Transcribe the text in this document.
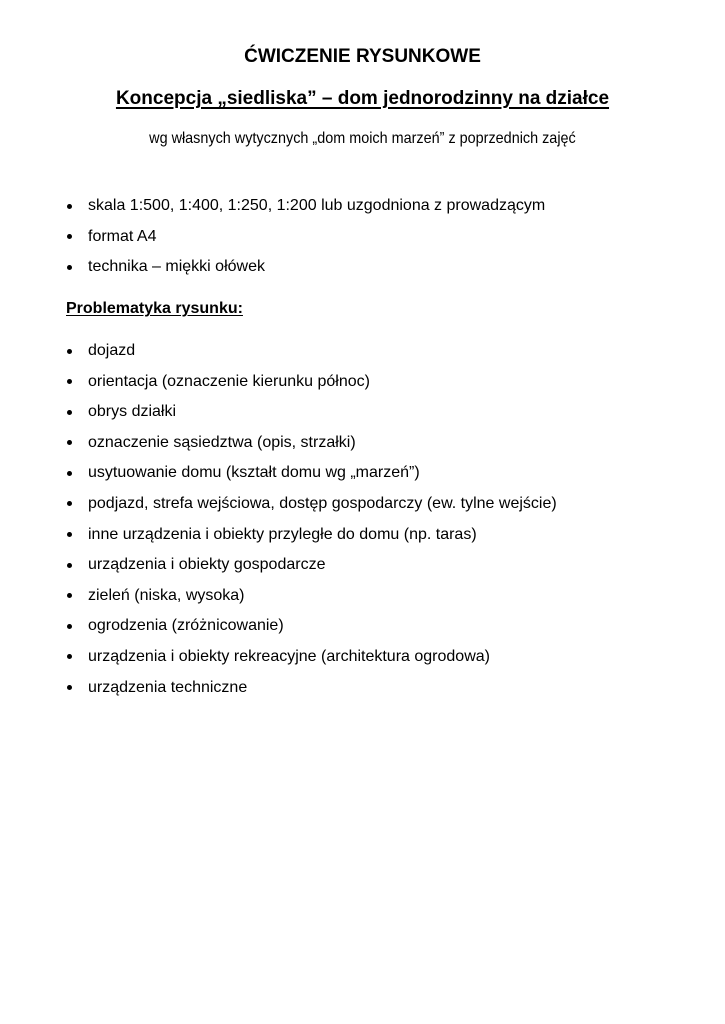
ĆWICZENIE RYSUNKOWE
Koncepcja „siedliska” – dom jednorodzinny na działce

wg własnych wytycznych „dom moich marzeń” z poprzednich zajęć

skala 1:500, 1:400, 1:250, 1:200 lub uzgodniona z prowadzącym
format A4
technika – miękki ołówek

Problematyka rysunku:

dojazd
orientacja (oznaczenie kierunku północ)
obrys działki
oznaczenie sąsiedztwa (opis, strzałki)
usytuowanie domu (kształt domu wg „marzeń”)
podjazd, strefa wejściowa, dostęp gospodarczy (ew. tylne wejście)
inne urządzenia i obiekty przyległe do domu (np. taras)
urządzenia i obiekty gospodarcze
zieleń (niska, wysoka)
ogrodzenia (zróżnicowanie)
urządzenia i obiekty rekreacyjne (architektura ogrodowa)
urządzenia techniczne
